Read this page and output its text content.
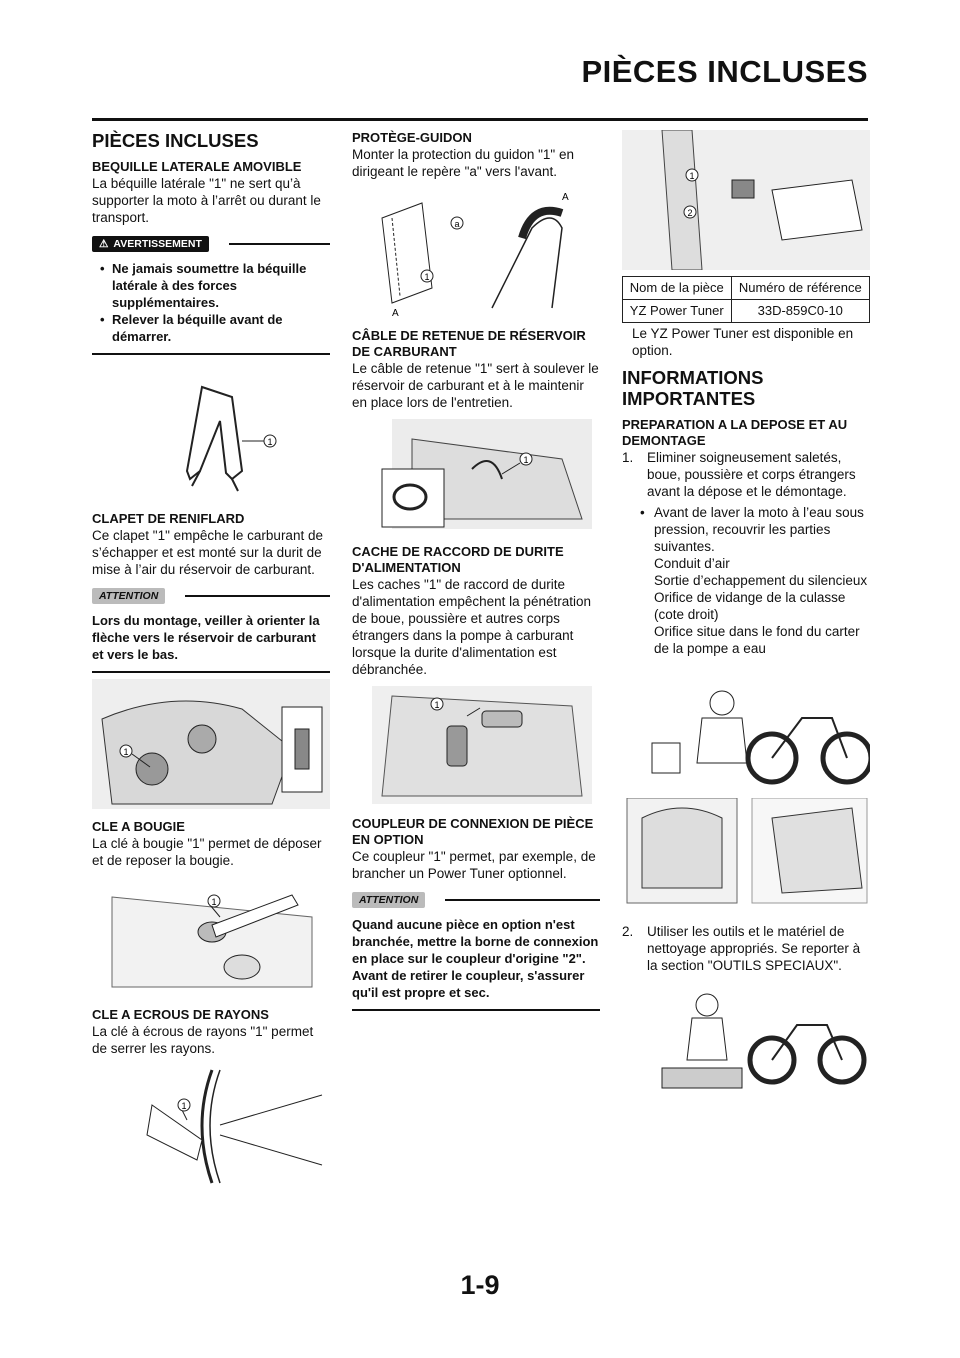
PIÈCES INCLUSES
PIÈCES INCLUSES
BEQUILLE LATERALE AMOVIBLE

La béquille latérale "1" ne sert qu’à supporter la moto à l’arrêt ou durant le transport.

⚠ AVERTISSEMENT
• Ne jamais soumettre la béquille latérale à des forces supplémentaires.
• Relever la béquille avant de démarrer.
1
CLAPET DE RENIFLARD

Ce clapet "1" empêche le carburant de s’échapper et est monté sur la durit de mise à l’air du réservoir de carburant.

ATTENTION
Lors du montage, veiller à orienter la flèche vers le réservoir de carburant et vers le bas.
1
CLE A BOUGIE

La clé à bougie "1" permet de déposer et de reposer la bougie.

1
CLE A ECROUS DE RAYONS

La clé à écrous de rayons "1" permet de serrer les rayons.

1
PROTÈGE-GUIDON

Monter la protection du guidon "1" en dirigeant le repère "a" vers l'avant.

a
1
A
A
CÂBLE DE RETENUE DE RÉSERVOIR DE CARBURANT

Le câble de retenue "1" sert à soulever le réservoir de carburant et à le maintenir en place lors de l'entretien.

1
CACHE DE RACCORD DE DURITE D'ALIMENTATION

Les caches "1" de raccord de durite d'alimentation empêchent la pénétration de boue, poussière et autres corps étrangers dans la pompe à carburant lorsque la durite d'alimentation est débranchée.

1
COUPLEUR DE CONNEXION DE PIÈCE EN OPTION

Ce coupleur "1" permet, par exemple, de brancher un Power Tuner optionnel.

ATTENTION
Quand aucune pièce en option n'est branchée, mettre la borne de connexion en place sur le coupleur d'origine "2". Avant de retirer le coupleur, s'assurer qu'il est propre et sec.
1
2
Nom de la pièce	Numéro de référence
YZ Power Tuner	33D-859C0-10

Le YZ Power Tuner est disponible en option.

INFORMATIONS IMPORTANTES
PREPARATION A LA DEPOSE ET AU DEMONTAGE
1. Eliminer soigneusement saletés, boue, poussière et corps étrangers avant la dépose et le démontage.
• Avant de laver la moto à l’eau sous pression, recouvrir les parties suivantes.
Conduit d’air
Sortie d’echappement du silencieux
Orifice de vidange de la culasse (cote droit)
Orifice situe dans le fond du carter de la pompe a eau
2. Utiliser les outils et le matériel de nettoyage appropriés. Se reporter à la section "OUTILS SPECIAUX".
1-9
